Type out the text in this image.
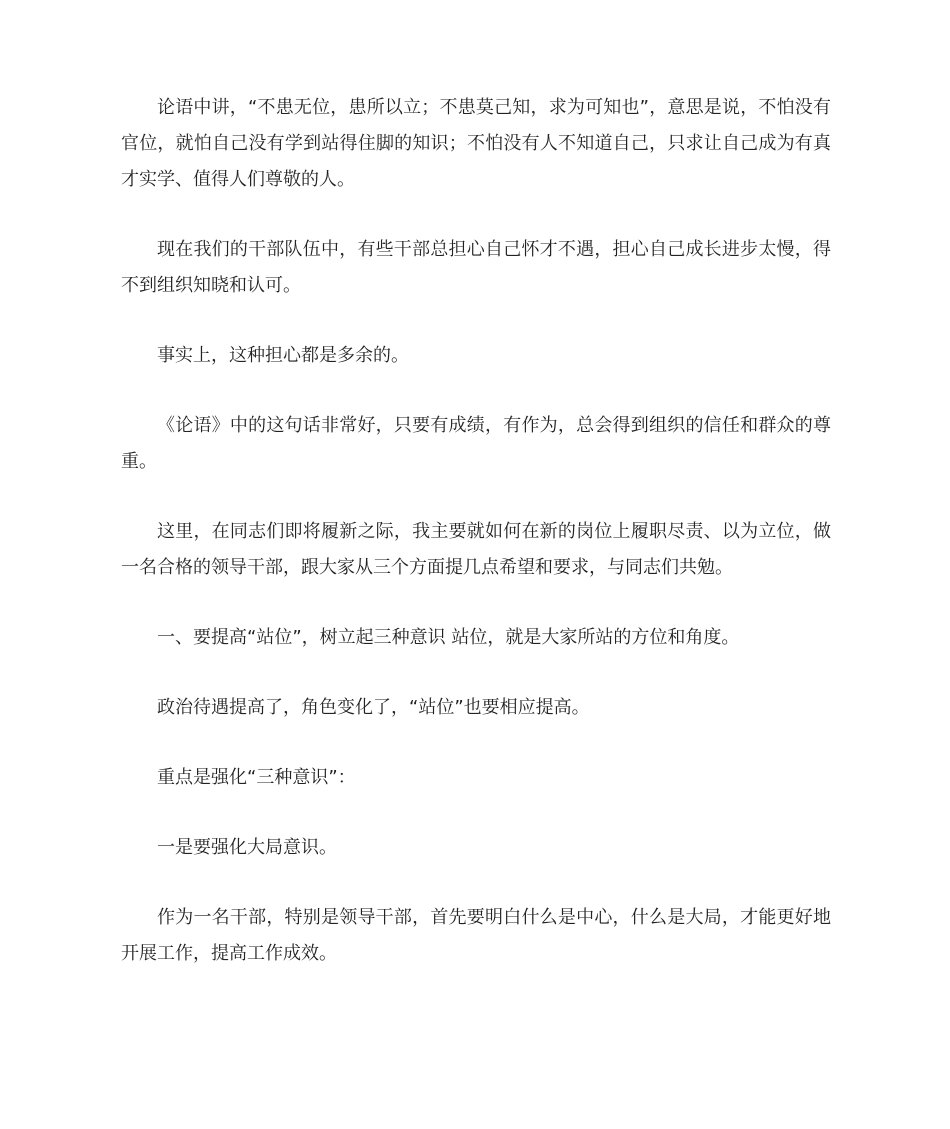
论语中讲，“不患无位，患所以立；不患莫己知，求为可知也”，意思是说，不怕没有官位，就怕自己没有学到站得住脚的知识；不怕没有人不知道自己，只求让自己成为有真才实学、值得人们尊敬的人。

现在我们的干部队伍中，有些干部总担心自己怀才不遇，担心自己成长进步太慢，得不到组织知晓和认可。

事实上，这种担心都是多余的。

《论语》中的这句话非常好，只要有成绩，有作为，总会得到组织的信任和群众的尊重。

这里，在同志们即将履新之际，我主要就如何在新的岗位上履职尽责、以为立位，做一名合格的领导干部，跟大家从三个方面提几点希望和要求，与同志们共勉。

一、要提高“站位”，树立起三种意识 站位，就是大家所站的方位和角度。

政治待遇提高了，角色变化了，“站位”也要相应提高。

重点是强化“三种意识”：

一是要强化大局意识。

作为一名干部，特别是领导干部，首先要明白什么是中心，什么是大局，才能更好地开展工作，提高工作成效。
